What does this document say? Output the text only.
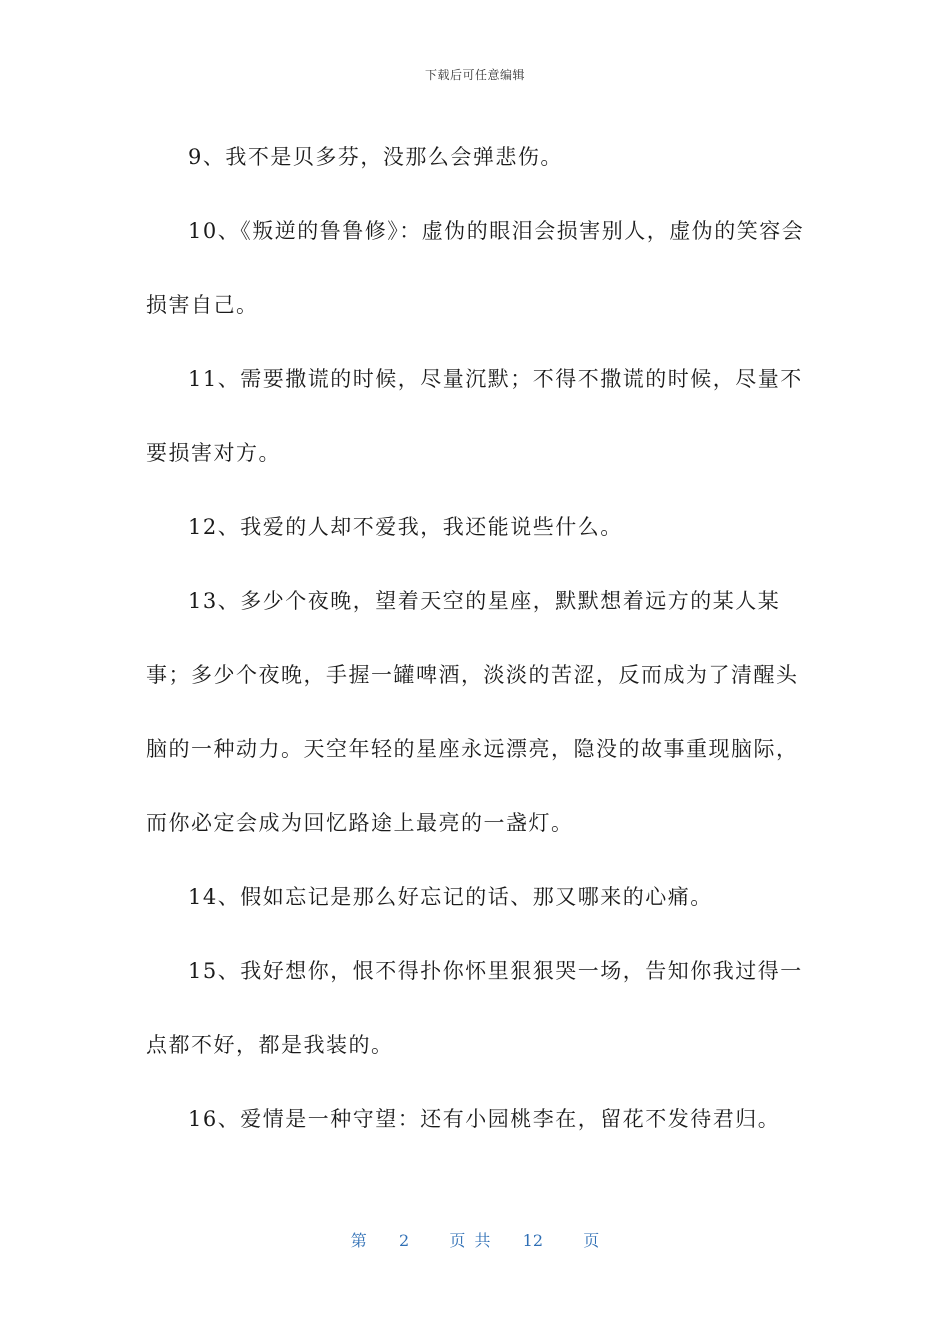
下载后可任意编辑

9、我不是贝多芬，没那么会弹悲伤。

10、《叛逆的鲁鲁修》：虚伪的眼泪会损害别人，虚伪的笑容会损害自己。

11、需要撒谎的时候，尽量沉默；不得不撒谎的时候，尽量不要损害对方。

12、我爱的人却不爱我，我还能说些什么。

13、多少个夜晚，望着天空的星座，默默想着远方的某人某事；多少个夜晚，手握一罐啤酒，淡淡的苦涩，反而成为了清醒头脑的一种动力。天空年轻的星座永远漂亮，隐没的故事重现脑际，而你必定会成为回忆路途上最亮的一盏灯。

14、假如忘记是那么好忘记的话、那又哪来的心痛。

15、我好想你，恨不得扑你怀里狠狠哭一场，告知你我过得一点都不好，都是我装的。

16、爱情是一种守望：还有小园桃李在，留花不发待君归。

第 2	页 共 12	页
